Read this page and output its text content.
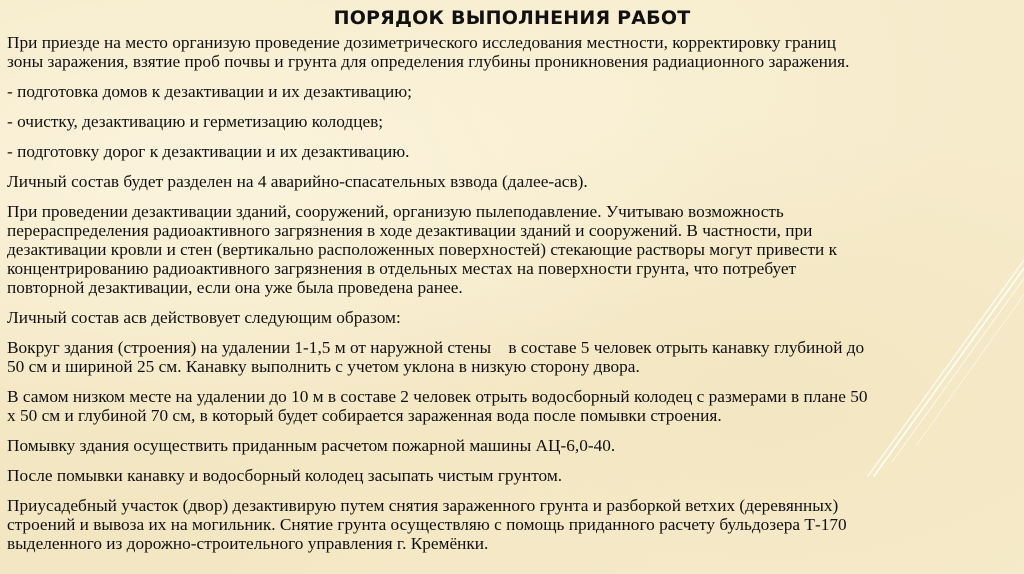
ПОРЯДОК ВЫПОЛНЕНИЯ РАБОТ

При приезде на место организую проведение дозиметрического исследования местности, корректировку границ
зоны заражения, взятие проб почвы и грунта для определения глубины проникновения радиационного заражения.

- подготовка домов к дезактивации и их дезактивацию;

- очистку, дезактивацию и герметизацию колодцев;

- подготовку дорог к дезактивации и их дезактивацию.

Личный состав будет разделен на 4 аварийно-спасательных взвода (далее-асв).

При проведении дезактивации зданий, сооружений, организую пылеподавление. Учитываю возможность
перераспределения радиоактивного загрязнения в ходе дезактивации зданий и сооружений. В частности, при
дезактивации кровли и стен (вертикально расположенных поверхностей) стекающие растворы могут привести к
концентрированию радиоактивного загрязнения в отдельных местах на поверхности грунта, что потребует
повторной дезактивации, если она уже была проведена ранее.

Личный состав асв действовует следующим образом:

Вокруг здания (строения) на удалении 1-1,5 м от наружной стены    в составе 5 человек отрыть канавку глубиной до
50 см и шириной 25 см. Канавку выполнить с учетом уклона в низкую сторону двора.

В самом низком месте на удалении до 10 м в составе 2 человек отрыть водосборный колодец с размерами в плане 50
х 50 см и глубиной 70 см, в который будет собирается зараженная вода после помывки строения.

Помывку здания осуществить приданным расчетом пожарной машины АЦ-6,0-40.

После помывки канавку и водосборный колодец засыпать чистым грунтом.

Приусадебный участок (двор) дезактивирую путем снятия зараженного грунта и разборкой ветхих (деревянных)
строений и вывоза их на могильник. Снятие грунта осуществляю с помощь приданного расчету бульдозера Т-170
выделенного из дорожно-строительного управления г. Кремёнки.
